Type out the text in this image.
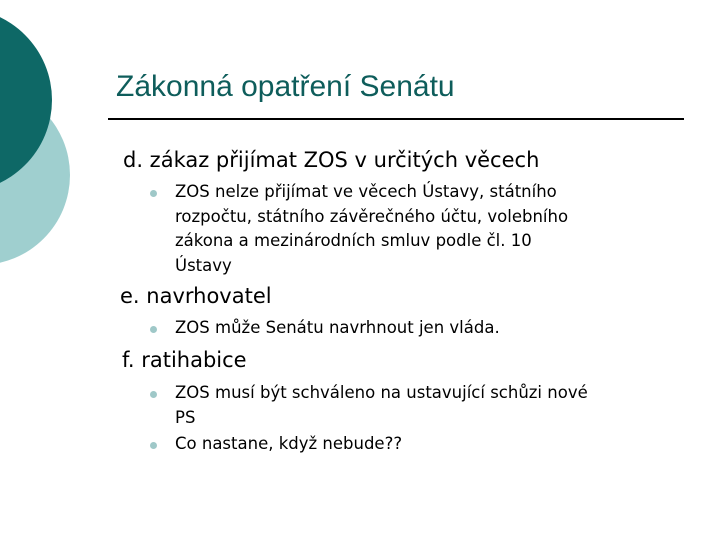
Zákonná opatření Senátu
d. zákaz přijímat ZOS v určitých věcech
ZOS nelze přijímat ve věcech Ústavy, státního
rozpočtu, státního závěrečného účtu, volebního
zákona a mezinárodních smluv podle čl. 10
Ústavy
e. navrhovatel
ZOS může Senátu navrhnout jen vláda.
f. ratihabice
ZOS musí být schváleno na ustavující schůzi nové
PS
Co nastane, když nebude??
